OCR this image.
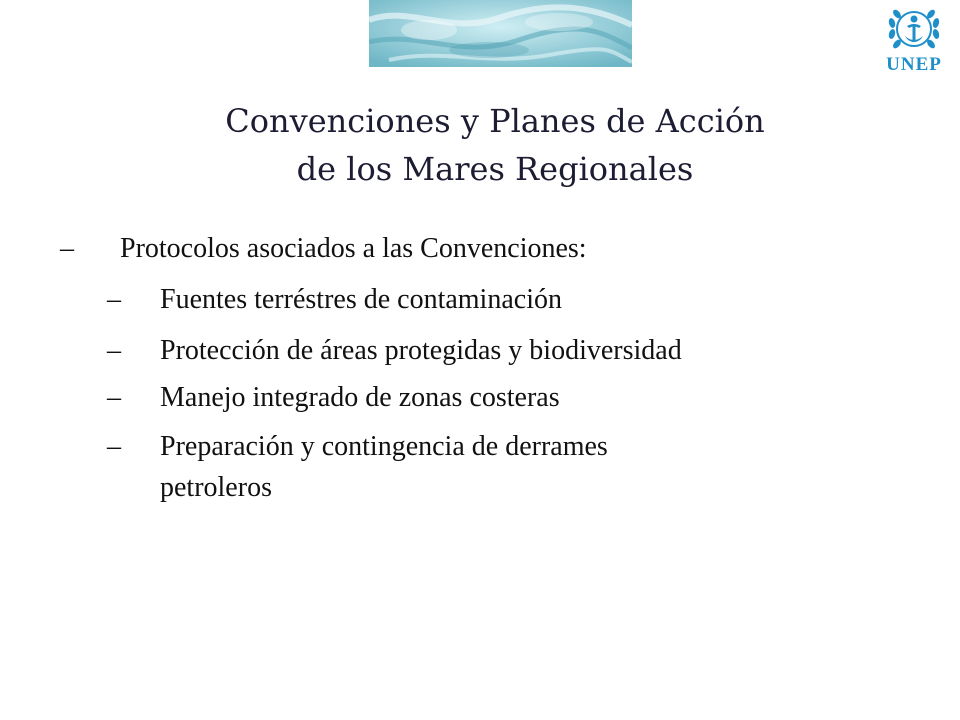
UNEP
Convenciones y Planes de Acción
de los Mares Regionales
– Protocolos asociados a las Convenciones:
– Fuentes terréstres de contaminación
– Protección de áreas protegidas y biodiversidad
– Manejo integrado de zonas costeras
– Preparación y contingencia de derrames
petroleros
